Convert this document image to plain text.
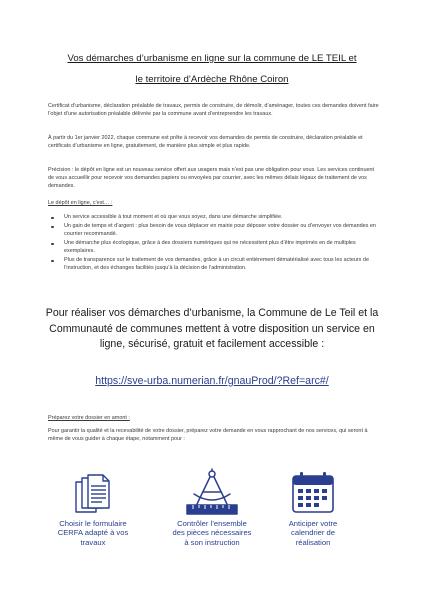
Vos démarches d’urbanisme en ligne sur la commune de LE TEIL et
le territoire d’Ardèche Rhône Coiron

Certificat d’urbanisme, déclaration préalable de travaux, permis de construire, de démolir, d’aménager, toutes ces demandes doivent faire l’objet d’une autorisation préalable délivrée par la commune avant d’entreprendre les travaux.

À partir du 1er janvier 2022, chaque commune est prête à recevoir vos demandes de permis de construire, déclaration préalable et certificats d’urbanisme en ligne, gratuitement, de manière plus simple et plus rapide.

Précision : le dépôt en ligne est un nouveau service offert aux usagers mais n’est pas une obligation pour vous. Les services continuent de vous accueillir pour recevoir vos demandes papiers ou envoyées par courrier, avec les mêmes délais légaux de traitement de vos demandes.

Le dépôt en ligne, c’est… :
Un service accessible à tout moment et où que vous soyez, dans une démarche simplifiée.
Un gain de temps et d’argent : plus besoin de vous déplacer en mairie pour déposer votre dossier ou d’envoyer vos demandes en courrier recommandé.
Une démarche plus écologique, grâce à des dossiers numériques qui ne nécessitent plus d’être imprimés en de multiples exemplaires.
Plus de transparence sur le traitement de vos demandes, grâce à un circuit entièrement dématérialisé avec tous les acteurs de l’instruction, et des échanges facilités jusqu’à la décision de l’administration.
Pour réaliser vos démarches d’urbanisme, la Commune de Le Teil et la
Communauté de communes mettent à votre disposition un service en
ligne, sécurisé, gratuit et facilement accessible :
https://sve-urba.numerian.fr/gnauProd/?Ref=arc#/
Préparez votre dossier en amont :

Pour garantir la qualité et la recevabilité de votre dossier, préparez votre demande en vous rapprochant de nos services, qui seront à même de vous guider à chaque étape, notamment pour :

Choisir le formulaire
CERFA adapté à vos
travaux
Contrôler l’ensemble
des pièces nécessaires
à son instruction
Anticiper votre
calendrier de
réalisation
